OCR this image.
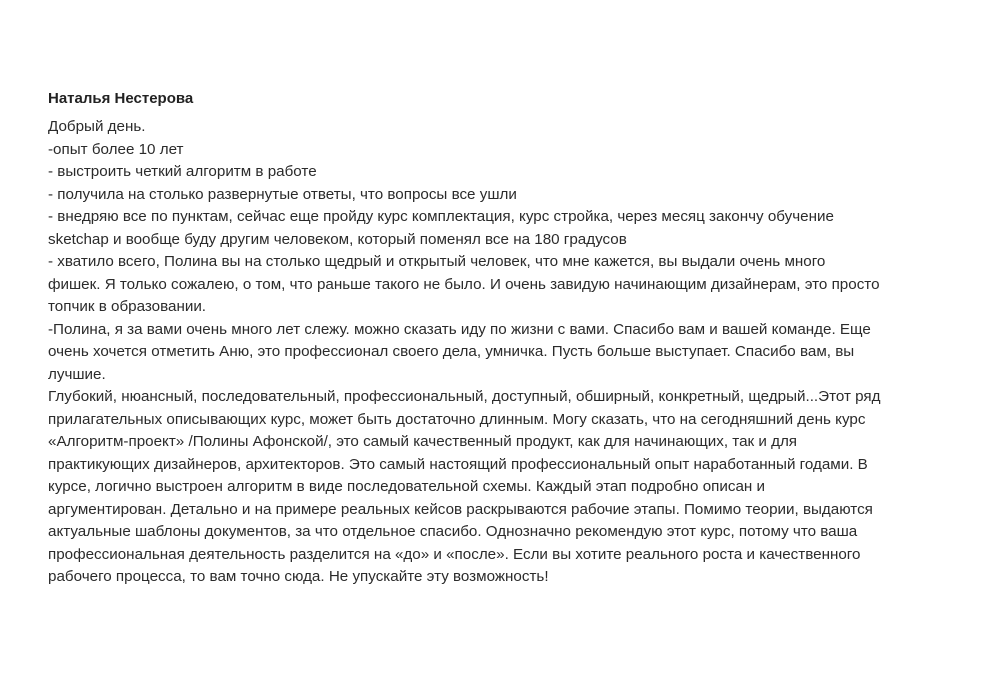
Наталья Нестерова
Добрый день.
-опыт более 10 лет
- выстроить четкий алгоритм в работе
- получила на столько развернутые ответы, что вопросы все ушли
- внедряю все по пунктам, сейчас еще пройду курс комплектация, курс стройка, через месяц закончу обучение
sketchap и вообще буду другим человеком, который поменял все на 180 градусов
- хватило всего, Полина вы на столько щедрый и открытый человек, что мне кажется, вы выдали очень много
фишек. Я только сожалею, о том, что раньше такого не было. И очень завидую начинающим дизайнерам, это просто
топчик в образовании.
-Полина, я за вами очень много лет слежу. можно сказать иду по жизни с вами. Спасибо вам и вашей команде. Еще
очень хочется отметить Аню, это профессионал своего дела, умничка. Пусть больше выступает. Спасибо вам, вы
лучшие.
Глубокий, нюансный, последовательный, профессиональный, доступный, обширный, конкретный, щедрый...Этот ряд
прилагательных описывающих курс, может быть достаточно длинным. Могу сказать, что на сегодняшний день курс
«Алгоритм-проект» /Полины Афонской/, это самый качественный продукт, как для начинающих, так и для
практикующих дизайнеров, архитекторов. Это самый настоящий профессиональный опыт наработанный годами. В
курсе, логично выстроен алгоритм в виде последовательной схемы. Каждый этап подробно описан и
аргументирован. Детально и на примере реальных кейсов раскрываются рабочие этапы. Помимо теории, выдаются
актуальные шаблоны документов, за что отдельное спасибо. Однозначно рекомендую этот курс, потому что ваша
профессиональная деятельность разделится на «до» и «после». Если вы хотите реального роста и качественного
рабочего процесса, то вам точно сюда. Не упускайте эту возможность!
